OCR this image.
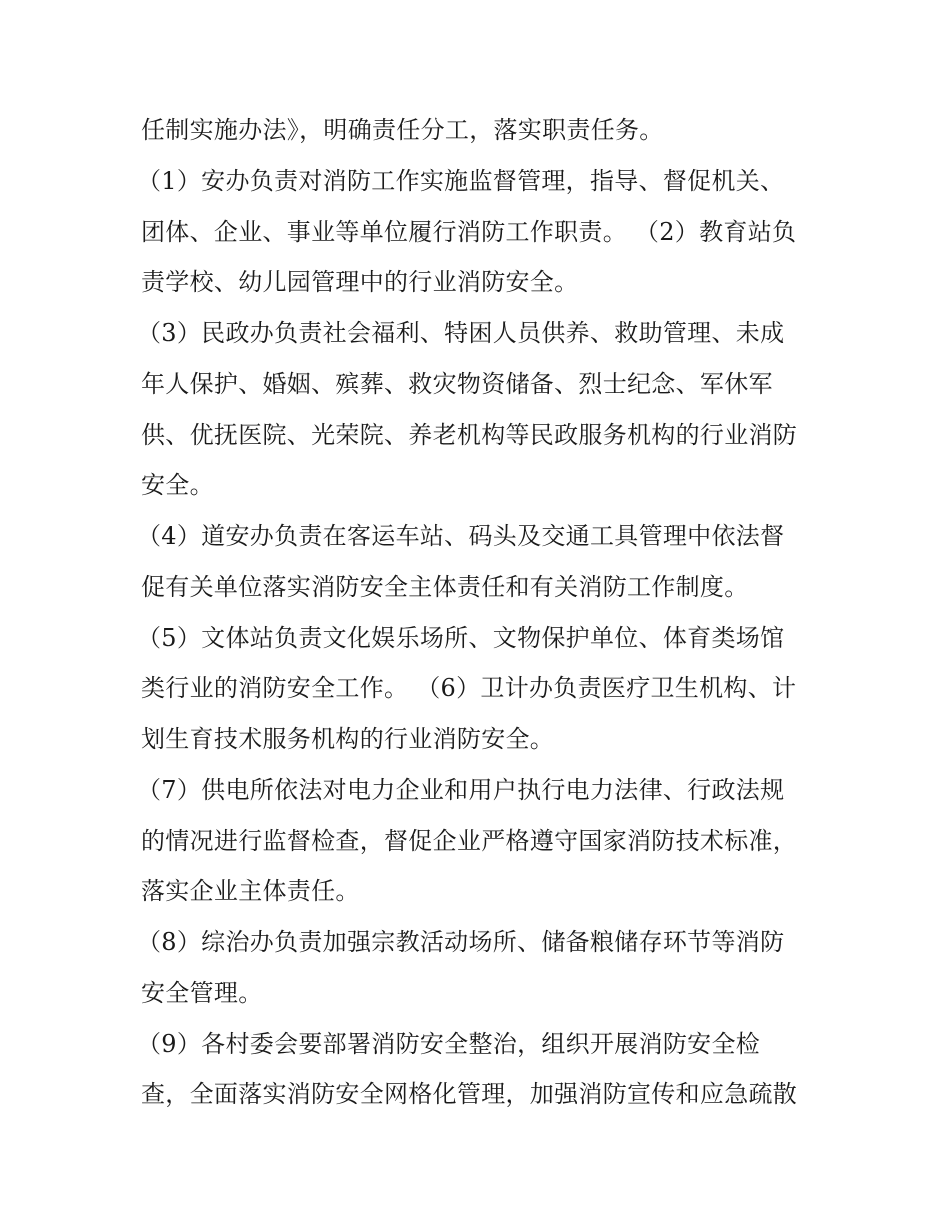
任制实施办法》，明确责任分工，落实职责任务。
（1）安办负责对消防工作实施监督管理，指导、督促机关、
团体、企业、事业等单位履行消防工作职责。 （2）教育站负
责学校、幼儿园管理中的行业消防安全。
（3）民政办负责社会福利、特困人员供养、救助管理、未成
年人保护、婚姻、殡葬、救灾物资储备、烈士纪念、军休军
供、优抚医院、光荣院、养老机构等民政服务机构的行业消防
安全。
（4）道安办负责在客运车站、码头及交通工具管理中依法督
促有关单位落实消防安全主体责任和有关消防工作制度。
（5）文体站负责文化娱乐场所、文物保护单位、体育类场馆
类行业的消防安全工作。 （6）卫计办负责医疗卫生机构、计
划生育技术服务机构的行业消防安全。
（7）供电所依法对电力企业和用户执行电力法律、行政法规
的情况进行监督检查，督促企业严格遵守国家消防技术标准，
落实企业主体责任。
（8）综治办负责加强宗教活动场所、储备粮储存环节等消防
安全管理。
（9）各村委会要部署消防安全整治，组织开展消防安全检
查，全面落实消防安全网格化管理，加强消防宣传和应急疏散
